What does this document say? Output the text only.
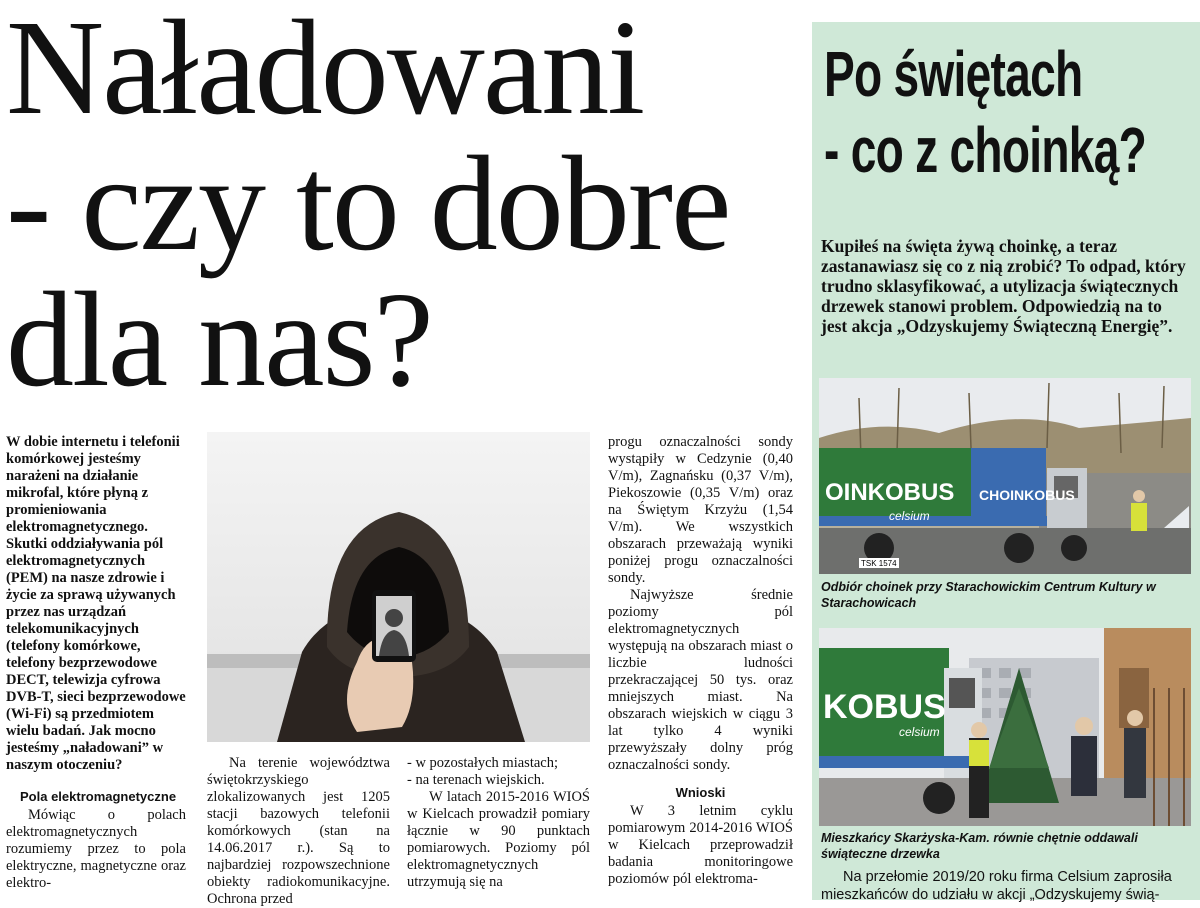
Naładowani
- czy to dobre
dla nas?

W dobie internetu i telefonii komórkowej jesteśmy narażeni na działanie mikrofal, które płyną z promieniowania elektromagnetycznego. Skutki oddziaływania pól elektromagnetycznych (PEM) na nasze zdrowie i życie za sprawą używanych przez nas urządzań telekomunikacyjnych (telefony komórkowe, telefony bezprzewodowe DECT, telewizja cyfrowa DVB-T, sieci bezprzewodowe (Wi-Fi) są przedmiotem wielu badań. Jak mocno jesteśmy „naładowani” w naszym otoczeniu?

Pola elektromagnetyczne

Mówiąc o polach elektromagnetycznych rozumiemy przez to pola elektryczne, magnetyczne oraz elektro-

Na terenie województwa świętokrzyskiego zlokalizowanych jest 1205 stacji bazowych telefonii komórkowych (stan na 14.06.2017 r.). Są to najbardziej rozpowszechnione obiekty radiokomunikacyjne. Ochrona przed

- w pozostałych miastach;

- na terenach wiejskich.

W latach 2015-2016 WIOŚ w Kielcach prowadził pomiary łącznie w 90 punktach pomiarowych. Poziomy pól elektromagnetycznych utrzymują się na

progu oznaczalności sondy wystąpiły w Cedzynie (0,40 V/m), Zagnańsku (0,37 V/m), Piekoszowie (0,35 V/m) oraz na Świętym Krzyżu (1,54 V/m). We wszystkich obszarach przeważają wyniki poniżej progu oznaczalności sondy.

Najwyższe średnie poziomy pól elektromagnetycznych występują na obszarach miast o liczbie ludności przekraczającej 50 tys. oraz mniejszych miast. Na obszarach wiejskich w ciągu 3 lat tylko 4 wyniki przewyższały dolny próg oznaczalności sondy.

Wnioski

W 3 letnim cyklu pomiarowym 2014-2016 WIOŚ w Kielcach przeprowadził badania monitoringowe poziomów pól elektroma-

Po świętach
- co z choinką?
Kupiłeś na święta żywą choinkę, a teraz zastanawiasz się co z nią zrobić? To odpad, który trudno sklasyfikować, a utylizacja świątecznych drzewek stanowi problem. Odpowiedzią na to jest akcja „Odzyskujemy Świąteczną Energię”.
OINKOBUS
celsium
CHOINKOBUS
TSK 1574
Odbiór choinek przy Starachowickim Centrum Kultury w Starachowicach
KOBUS
celsium
Mieszkańcy Skarżyska-Kam. równie chętnie oddawali świąteczne drzewka
Na przełomie 2019/20 roku firma Celsium zaprosiła mieszkańców do udziału w akcji „Odzyskujemy świą-
